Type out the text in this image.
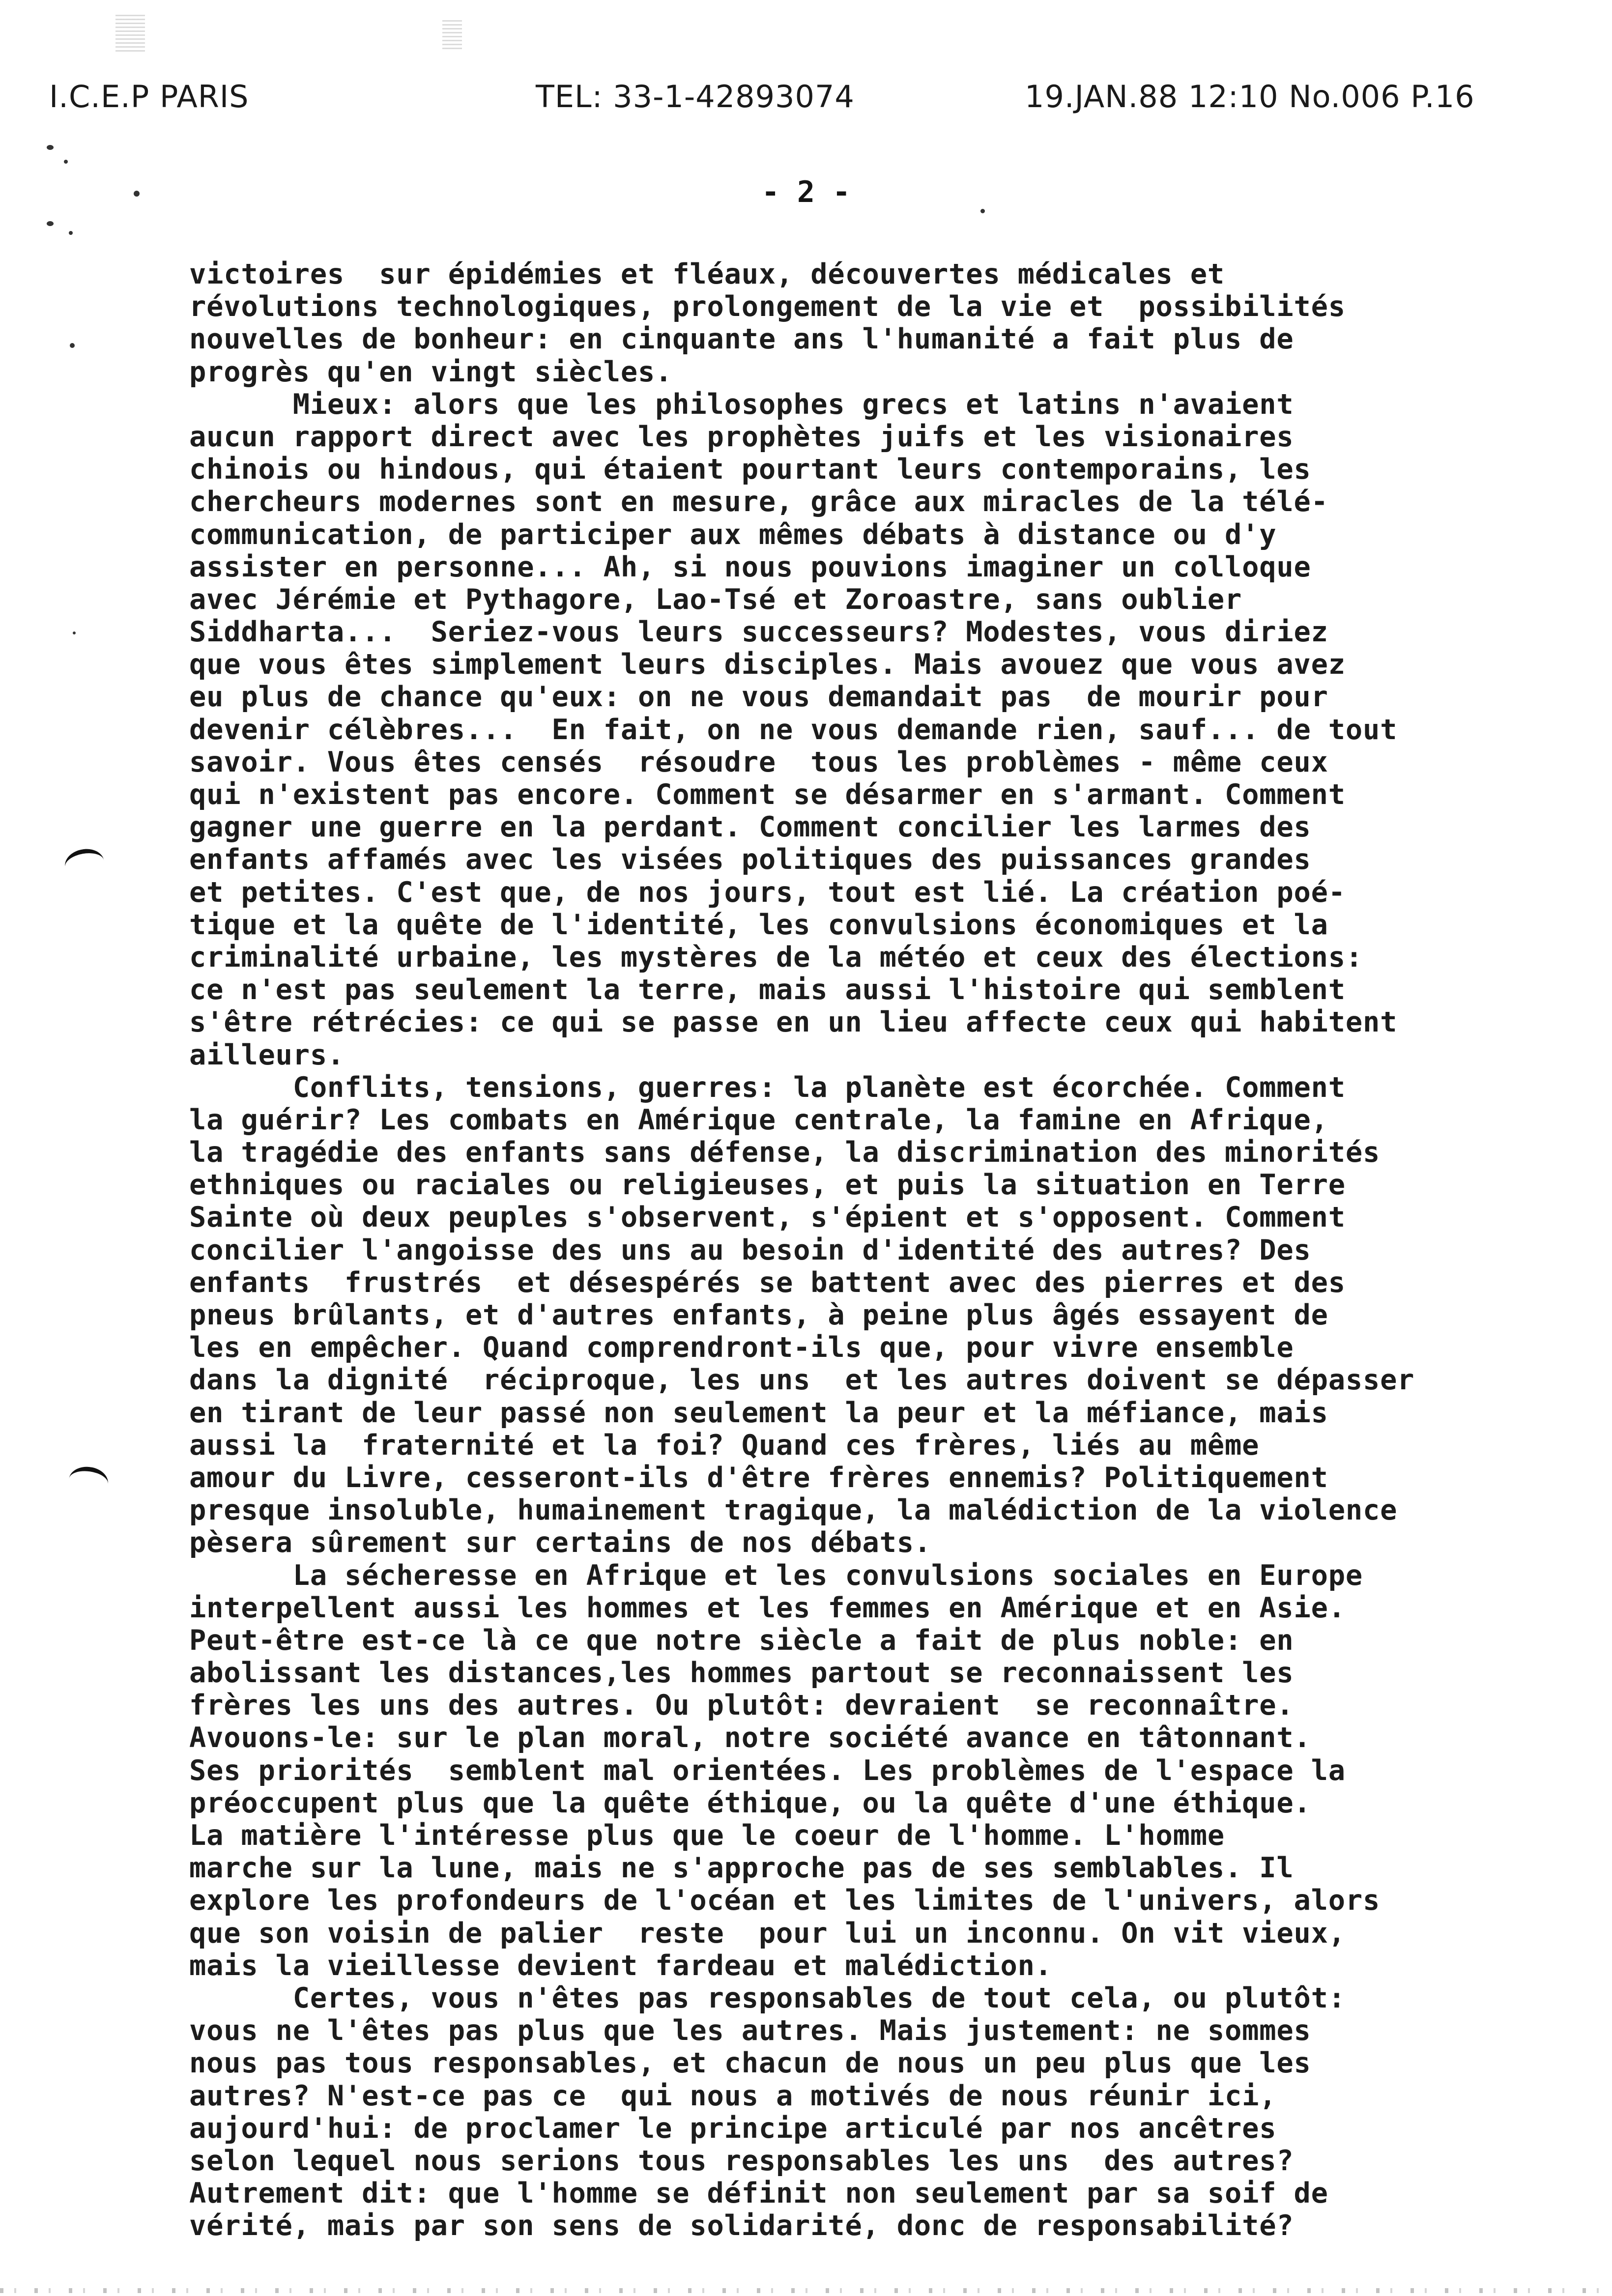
I.C.E.P PARIS	TEL: 33-1-42893074	19.JAN.88 12:10 No.006 P.16
- 2 -
victoires  sur épidémies et fléaux, découvertes médicales et
révolutions technologiques, prolongement de la vie et  possibilités
nouvelles de bonheur: en cinquante ans l'humanité a fait plus de
progrès qu'en vingt siècles.
Mieux: alors que les philosophes grecs et latins n'avaient
aucun rapport direct avec les prophètes juifs et les visionaires
chinois ou hindous, qui étaient pourtant leurs contemporains, les
chercheurs modernes sont en mesure, grâce aux miracles de la télé-
communication, de participer aux mêmes débats à distance ou d'y
assister en personne... Ah, si nous pouvions imaginer un colloque
avec Jérémie et Pythagore, Lao-Tsé et Zoroastre, sans oublier
Siddharta...  Seriez-vous leurs successeurs? Modestes, vous diriez
que vous êtes simplement leurs disciples. Mais avouez que vous avez
eu plus de chance qu'eux: on ne vous demandait pas  de mourir pour
devenir célèbres...  En fait, on ne vous demande rien, sauf... de tout
savoir. Vous êtes censés  résoudre  tous les problèmes - même ceux
qui n'existent pas encore. Comment se désarmer en s'armant. Comment
gagner une guerre en la perdant. Comment concilier les larmes des
enfants affamés avec les visées politiques des puissances grandes
et petites. C'est que, de nos jours, tout est lié. La création poé-
tique et la quête de l'identité, les convulsions économiques et la
criminalité urbaine, les mystères de la météo et ceux des élections:
ce n'est pas seulement la terre, mais aussi l'histoire qui semblent
s'être rétrécies: ce qui se passe en un lieu affecte ceux qui habitent
ailleurs.
Conflits, tensions, guerres: la planète est écorchée. Comment
la guérir? Les combats en Amérique centrale, la famine en Afrique,
la tragédie des enfants sans défense, la discrimination des minorités
ethniques ou raciales ou religieuses, et puis la situation en Terre
Sainte où deux peuples s'observent, s'épient et s'opposent. Comment
concilier l'angoisse des uns au besoin d'identité des autres? Des
enfants  frustrés  et désespérés se battent avec des pierres et des
pneus brûlants, et d'autres enfants, à peine plus âgés essayent de
les en empêcher. Quand comprendront-ils que, pour vivre ensemble
dans la dignité  réciproque, les uns  et les autres doivent se dépasser
en tirant de leur passé non seulement la peur et la méfiance, mais
aussi la  fraternité et la foi? Quand ces frères, liés au même
amour du Livre, cesseront-ils d'être frères ennemis? Politiquement
presque insoluble, humainement tragique, la malédiction de la violence
pèsera sûrement sur certains de nos débats.
La sécheresse en Afrique et les convulsions sociales en Europe
interpellent aussi les hommes et les femmes en Amérique et en Asie.
Peut-être est-ce là ce que notre siècle a fait de plus noble: en
abolissant les distances,les hommes partout se reconnaissent les
frères les uns des autres. Ou plutôt: devraient  se reconnaître.
Avouons-le: sur le plan moral, notre société avance en tâtonnant.
Ses priorités  semblent mal orientées. Les problèmes de l'espace la
préoccupent plus que la quête éthique, ou la quête d'une éthique.
La matière l'intéresse plus que le coeur de l'homme. L'homme
marche sur la lune, mais ne s'approche pas de ses semblables. Il
explore les profondeurs de l'océan et les limites de l'univers, alors
que son voisin de palier  reste  pour lui un inconnu. On vit vieux,
mais la vieillesse devient fardeau et malédiction.
Certes, vous n'êtes pas responsables de tout cela, ou plutôt:
vous ne l'êtes pas plus que les autres. Mais justement: ne sommes
nous pas tous responsables, et chacun de nous un peu plus que les
autres? N'est-ce pas ce  qui nous a motivés de nous réunir ici,
aujourd'hui: de proclamer le principe articulé par nos ancêtres
selon lequel nous serions tous responsables les uns  des autres?
Autrement dit: que l'homme se définit non seulement par sa soif de
vérité, mais par son sens de solidarité, donc de responsabilité?
